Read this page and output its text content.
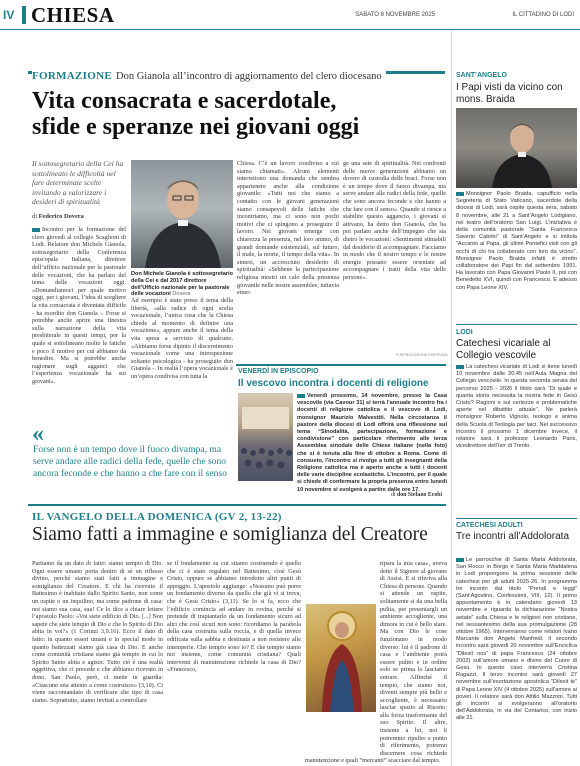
IV CHIESA	SABATO 8 NOVEMBRE 2025	IL CITTADINO DI LODI
FORMAZIONE Don Gianola all’incontro di aggiornamento del clero diocesano
Vita consacrata e sacerdotale,
sfide e speranze nei giovani oggi
Il sottosegretario della Cei ha sottolineato le difficoltà nel fare determinate scelte invitando a valorizzare i desideri di spiritualità
di Federico Dovera
Incontro per la formazione del clero giovedì al collegio Scaglioni di Lodi. Relatore don Michele Gianola, sottosegretario della Conferenza episcopale Italiana, direttore dell’ufficio nazionale per la pastorale delle vocazioni, che ha parlato del tema delle vocazioni oggi. «Domandiamoci per quale motivo oggi, per i giovani, l’idea di scegliere la vita consacrata è diventata difficile - ha esordito don Gianola -. Forse si potrebbe anche aprire una finestra sulla narrazione della vita presbiterale in questi tempi, per la quale si sottolineano molto le fatiche e poco il motivo per cui abbiamo da benedire. Ma si potrebbe anche ragionare sugli agganci che l’esperienza vocazionale ha sui giovani».
Don Michele Gianola è sottosegretario della Cei e dal 2017 direttore dell’Ufficio nazionale per la pastorale delle vocazioni Dovera
Ad esempio è stato preso il tema della libertà, «alla radice di ogni scelta vocazionale, l’unica cosa che la Chiesa chiede al momento di definire una vocazione», appure anche il tema della vita spesa a servizio di qualcuno. «Abbiamo forse dipinto il discernimento vocazionale come una introspezione soltanto psicologica - ha proseguito don Gianola -. In realtà l’opera vocazionale è un’opera condivisa con tutta la
Chiesa. C’è un lavoro condiviso a cui siamo chiamati». Alcuni elementi interrettono una domanda che sembra appartenere anche alla condizione giovanile: «Tutti noi che siamo a contatto con le giovani generazioni siamo consapevoli delle fatiche che incontriamo, ma ci sono non pochi motivi che ci spingono a proseguire il lavoro. Nei giovani emerge con chiarezza la presenza, nel loro animo, di grandi domande esistenziali, sul futuro, il male, la morte, il tempo della vita». In sintesi, un accresciuto desiderio di spiritualità: «Sebbene la partecipazione religiosa mostri un calo della presenza giovanile nelle nostre assemblee, tuttavia emer-
ge una sete di spiritualità. Nei confronti delle nuove generazioni abbiamo un dovere di custodia delle braci. Forse non è un tempo dove il fuoco divampa, ma serve andare alle radici della fede, quelle che sono ancora feconde e che hanno a che fare con il senso». Quando si riesce a stabilire questo aggancio, i giovani si attivano, ha detto don Gianola, che ha poi parlato anche dell’impegno che sta dietro le vocazioni: «Sentimenti stimabili dal desiderio di accompagnare. Facciamo in modo che il nostro tempo e le nostre energie possano essere orientate ad accompagnare i tratti della vita delle persone».
© RIPRODUZIONE RISERVATA
«
Forse non è un tempo dove il fuoco divampa, ma serve andare alle radici della fede, quelle che sono ancora feconde e che hanno a che fare con il senso
VENERDÌ IN EPISCOPIO
Il vescovo incontra i docenti di religione
Venerdì prossimo, 14 novembre, presso la Casa vescovile (via Cavour 31) si terrà l’annuale incontro fra i docenti di religione cattolica e il vescovo di Lodi, monsignor Maurizio Malvestiti. Nella circostanza il pastore della diocesi di Lodi offrirà una riflessione sul tema “Sinodalità, partecipazione, formazione e condivisione” con particolare riferimento alle terza Assemblea sinodale delle Chiese italiane (nella foto) che si è tenuta alla fine di ottobre a Roma. Come di consueto, l’incontro si rivolge a tutti gli insegnanti della Religione cattolica ma è aperto anche a tutti i docenti delle varie discipline scolastiche. L’incontro, per il quale si chiede di confermare la propria presenza entro lunedì 10 novembre si svolgerà a partire dalle ore 17.
di don Stefano Ecobi
IL VANGELO DELLA DOMENICA (GV 2, 13-22)
Siamo fatti a immagine e somiglianza del Creatore
Partiamo da un dato di fatto: siamo tempio di Dio. Ogni essere umano porta dentro di sé un riflesso divino, perché siamo stati fatti a immagine e somiglianza del Creatore. E chi ha ricevuto il Battesimo è inabitato dallo Spirito Santo, non come un ospite o un inquilino, ma come padrone di casa: noi siamo sua casa, sua! Ce lo dice a chiare lettere l’apostolo Paolo: «Voi siete edificio di Dio. [...] Non sapete che siete tempio di Dio e che lo Spirito di Dio abita in voi?» (1 Corinzi 3,9.16). Ecco il dato di fatto: in quanto esseri umani e in special modo in quanto battezzati siamo già casa di Dio. E anche come comunità cristiana siamo già tempio in cui lo Spirito Santo abita e agisce. Tutto ciò è una realtà oggettiva, che ci precede e che abbiamo ricevuto in dono. San Paolo, però, ci mette in guardia: «Ciascuno stia attento a come costruisce» (3,10). Ci viene raccomandato di verificare che tipo di casa siamo. Soprattutto, siamo invitati a controllare
se il fondamento su cui stiamo costruendo è quello che ci è stato regalato nel Battesimo, cioè Gesù Cristo, oppure se abbiamo introdotto altri punti di appoggio. L’apostolo aggiunge: «Nessuno può porre un fondamento diverso da quello che già vi si trova, che è Gesù Cristo» (3,11). Se lo si fa, ecco che l’edificio comincia ad andare in rovina, perché si pretende di trapiantarlo da un fondamento sicuro ad altri che così sicuri non sono: ricordiamo la parabola della casa costruita sulla roccia, e di quella invece edificata sulla sabbia e destinata a non resistere alle intemperie. Che tempio sono io? E che tempio siamo noi insieme, come comunità cristiana? Quali interventi di manutenzione richiede la casa di Dio? «Francesco,
ripara la mia casa», aveva detto il Signore al giovane di Assisi. E si riferiva alla Chiesa di persone. Quando si attende un ospite, solitamente si da una bella pulita, per presentargli un ambiente accogliente, una dimora in cui è bello stare. Ma con Dio le cose funzionano in modo diverso: lui è il padrone di casa e l’ambiente potrà essere pulito e in ordine solo se prima lo lasciamo entrare. Affinché il tempio, che siamo noi, diventi sempre più bello e accogliente, è necessario lasciar spazio al Risorto: alla forza trasformante del suo Spirito. Il altre, insieme a lui, noi li potremmo ripulire e punto di riferimento, potremo discernere cosa richiede manutenzione e quali “mercanti” scacciare dal tempio.
SANT’ANGELO
I Papi visti da vicino con mons. Braida
Monsignor Paolo Braida, capufficio nella Segreteria di Stato Vaticano, sacerdote della diocesi di Lodi, sarà ospite questa sera, sabato 8 novembre, alle 21 a Sant’Angelo Lodigiano, nel teatro dell’oratorio San Luigi. L’iniziativa è della comunità pastorale “Santa Francesca Saverio Cabrini” di Sant’Angelo e si intitola “Accanto ai Papa, gli ultimi Pontefici visti con gli occhi di chi ha collaborato con loro da vicino”. Monsignor Paolo Braida infatti è stretto collaboratore dei Papi fin dal settembre 1991. Ha lavorato con Papa Giovanni Paolo II, poi con Benedetto XVI, quindi con Francesco. E adesso con Papa Leone XIV.
LODI
Catechesi vicariale al Collegio vescovile
La catechesi vicariale di Lodi si tiene lunedì 10 novembre dalle 20.45 nell’Aula Magna del Collegio vescovile. In questa seconda serata del percorso 2025 - 2026 il titolo sarà “Di quale e quanta storia necessita la nostra fede in Gesù Cristo? Ragioni e sui certezze e problematiche aperte nel dibattito attuale”. Ne parlerà monsignor Roberto Vignolo, teologo e anima della Scuola di Teologia per laici. Nel successivo incontro il prossimo 1 dicembre invece, il relatore sarà il professor Leonardo Paris, vicedirettore dell’Isrr di Trento.
CATECHESI ADULTI
Tre incontri all’Addolorata
Le parrocchie di Santa Maria Addolorata, San Rocco in Borgo e Santa Maria Maddalena in Lodi propongono la prima sessione delle catechesi per gli adulti 2025-26. In programma tre incontri dal titolo “Prendi e leggi” (Sant’Agostino, Confessioni, VIII, 12). Il primo appuntamento è in calendario giovedì 13 novembre e riguarda la dichiarazione “Nostra aetate” sulla Chiesa e le religioni non cristiane, nel sessantesimo della sua promulgazione (28 ottobre 1965). Interverranno come relatori Ivano Marcante don Angelo Manfredi. Il secondo incontro sarà giovedì 20 novembre sull’Enciclica “Dilexit nos” di papa Francesco (24 ottobre 2002) sull’amore umano e divino del Cuore di Gesù. In questo caso interverrà Cristina Ragazzi. Il terzo incontro sarà giovedì 27 novembre sull’esortazione apostolica “Dilexit te” di Papa Leone XIV (4 ottobre 2025) sull’amore ai poveri. Il relatore sarà don Attilio Mazzoni. Tutti gli incontri si svolgeranno all’oratorio dell’Addolorata, in via del Contarico, con inizio alle 21.
